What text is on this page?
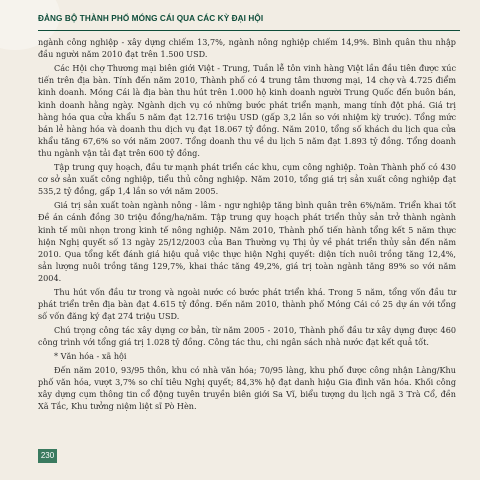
ĐẢNG BỘ THÀNH PHỐ MÓNG CÁI QUA CÁC KỲ ĐẠI HỘI

ngành công nghiệp - xây dựng chiếm 13,7%, ngành nông nghiệp chiếm 14,9%. Bình quân thu nhập đầu người năm 2010 đạt trên 1.500 USD.

Các Hội chợ Thương mại biên giới Việt - Trung, Tuần lễ tôn vinh hàng Việt lần đầu tiên được xúc tiến trên địa bàn. Tính đến năm 2010, Thành phố có 4 trung tâm thương mại, 14 chợ và 4.725 điểm kinh doanh. Móng Cái là địa bàn thu hút trên 1.000 hộ kinh doanh người Trung Quốc đến buôn bán, kinh doanh hằng ngày. Ngành dịch vụ có những bước phát triển mạnh, mang tính đột phá. Giá trị hàng hóa qua cửa khẩu 5 năm đạt 12.716 triệu USD (gấp 3,2 lần so với nhiệm kỳ trước). Tổng mức bán lẻ hàng hóa và doanh thu dịch vụ đạt 18.067 tỷ đồng. Năm 2010, tổng số khách du lịch qua cửa khẩu tăng 67,6% so với năm 2007. Tổng doanh thu về du lịch 5 năm đạt 1.893 tỷ đồng. Tổng doanh thu ngành vận tải đạt trên 600 tỷ đồng.

Tập trung quy hoạch, đầu tư mạnh phát triển các khu, cụm công nghiệp. Toàn Thành phố có 430 cơ sở sản xuất công nghiệp, tiểu thủ công nghiệp. Năm 2010, tổng giá trị sản xuất công nghiệp đạt 535,2 tỷ đồng, gấp 1,4 lần so với năm 2005.

Giá trị sản xuất toàn ngành nông - lâm - ngư nghiệp tăng bình quân trên 6%/năm. Triển khai tốt Đề án cánh đồng 30 triệu đồng/ha/năm. Tập trung quy hoạch phát triển thủy sản trở thành ngành kinh tế mũi nhọn trong kinh tế nông nghiệp. Năm 2010, Thành phố tiến hành tổng kết 5 năm thực hiện Nghị quyết số 13 ngày 25/12/2003 của Ban Thường vụ Thị ủy về phát triển thủy sản đến năm 2010. Qua tổng kết đánh giá hiệu quả việc thực hiện Nghị quyết: diện tích nuôi trồng tăng 12,4%, sản lượng nuôi trồng tăng 129,7%, khai thác tăng 49,2%, giá trị toàn ngành tăng 89% so với năm 2004.

Thu hút vốn đầu tư trong và ngoài nước có bước phát triển khá. Trong 5 năm, tổng vốn đầu tư phát triển trên địa bàn đạt 4.615 tỷ đồng. Đến năm 2010, thành phố Móng Cái có 25 dự án với tổng số vốn đăng ký đạt 274 triệu USD.

Chú trọng công tác xây dựng cơ bản, từ năm 2005 - 2010, Thành phố đầu tư xây dựng được 460 công trình với tổng giá trị 1.028 tỷ đồng. Công tác thu, chi ngân sách nhà nước đạt kết quả tốt.

* Văn hóa - xã hội

Đến năm 2010, 93/95 thôn, khu có nhà văn hóa; 70/95 làng, khu phố được công nhận Làng/Khu phố văn hóa, vượt 3,7% so chỉ tiêu Nghị quyết; 84,3% hộ đạt danh hiệu Gia đình văn hóa. Khối công xây dựng cụm thông tin cổ động tuyên truyền biên giới Sa Vĩ, biểu tượng du lịch ngã 3 Trà Cổ, đền Xã Tắc, Khu tưởng niệm liệt sĩ Pò Hèn.

230
